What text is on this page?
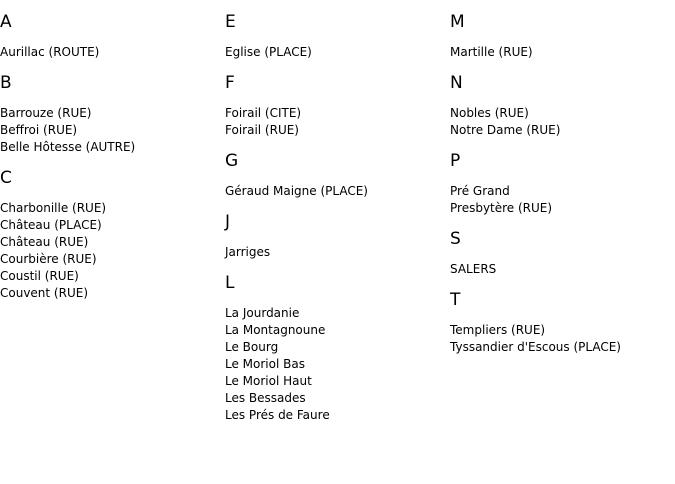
A
Aurillac (ROUTE)
B
Barrouze (RUE)
Beffroi (RUE)
Belle Hôtesse (AUTRE)
C
Charbonille (RUE)
Château (PLACE)
Château (RUE)
Courbière (RUE)
Coustil (RUE)
Couvent (RUE)
E
Eglise (PLACE)
F
Foirail (CITE)
Foirail (RUE)
G
Géraud Maigne (PLACE)
J
Jarriges
L
La Jourdanie
La Montagnoune
Le Bourg
Le Moriol Bas
Le Moriol Haut
Les Bessades
Les Prés de Faure
M
Martille (RUE)
N
Nobles (RUE)
Notre Dame (RUE)
P
Pré Grand
Presbytère (RUE)
S
SALERS
T
Templiers (RUE)
Tyssandier d'Escous (PLACE)
